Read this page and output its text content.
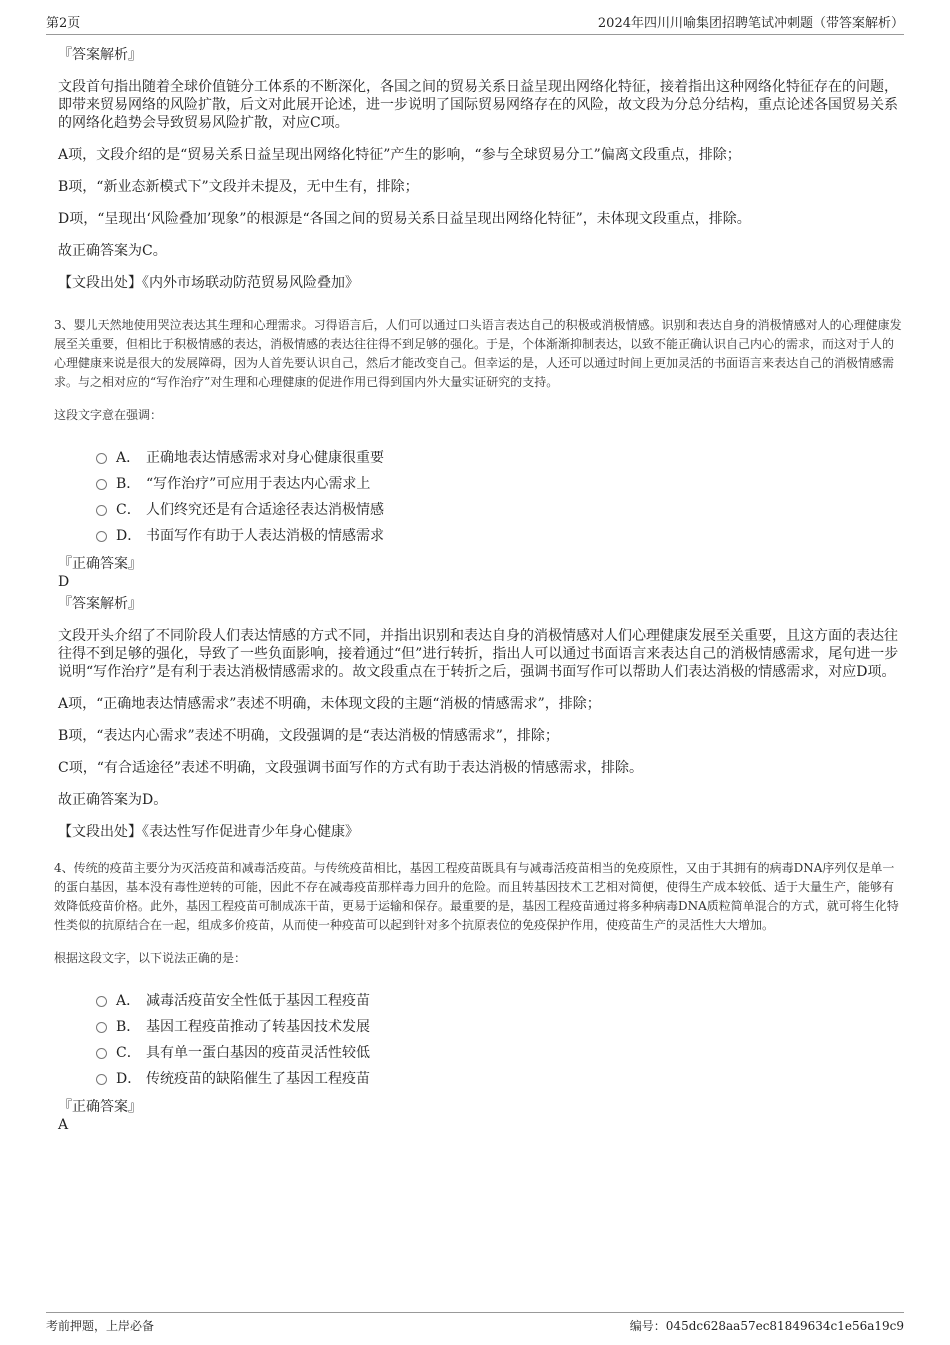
第2页	2024年四川川喻集团招聘笔试冲刺题（带答案解析）
『答案解析』
文段首句指出随着全球价值链分工体系的不断深化，各国之间的贸易关系日益呈现出网络化特征，接着指出这种网络化特征存在的问题，即带来贸易网络的风险扩散，后文对此展开论述，进一步说明了国际贸易网络存在的风险，故文段为分总分结构，重点论述各国贸易关系的网络化趋势会导致贸易风险扩散，对应C项。
A项，文段介绍的是“贸易关系日益呈现出网络化特征”产生的影响，“参与全球贸易分工”偏离文段重点，排除；
B项，“新业态新模式下”文段并未提及，无中生有，排除；
D项，“呈现出‘风险叠加’现象”的根源是“各国之间的贸易关系日益呈现出网络化特征”，未体现文段重点，排除。
故正确答案为C。
【文段出处】《内外市场联动防范贸易风险叠加》
3、婴儿天然地使用哭泣表达其生理和心理需求。习得语言后，人们可以通过口头语言表达自己的积极或消极情感。识别和表达自身的消极情感对人的心理健康发展至关重要，但相比于积极情感的表达，消极情感的表达往往得不到足够的强化。于是，个体渐渐抑制表达，以致不能正确认识自己内心的需求，而这对于人的心理健康来说是很大的发展障碍，因为人首先要认识自己，然后才能改变自己。但幸运的是，人还可以通过时间上更加灵活的书面语言来表达自己的消极情感需求。与之相对应的“写作治疗”对生理和心理健康的促进作用已得到国内外大量实证研究的支持。
这段文字意在强调：
A． 正确地表达情感需求对身心健康很重要
B． “写作治疗”可应用于表达内心需求上
C． 人们终究还是有合适途径表达消极情感
D． 书面写作有助于人表达消极的情感需求
『正确答案』
D
『答案解析』
文段开头介绍了不同阶段人们表达情感的方式不同，并指出识别和表达自身的消极情感对人们心理健康发展至关重要，且这方面的表达往往得不到足够的强化，导致了一些负面影响，接着通过“但”进行转折，指出人可以通过书面语言来表达自己的消极情感需求，尾句进一步说明“写作治疗”是有利于表达消极情感需求的。故文段重点在于转折之后，强调书面写作可以帮助人们表达消极的情感需求，对应D项。
A项，“正确地表达情感需求”表述不明确，未体现文段的主题“消极的情感需求”，排除；
B项，“表达内心需求”表述不明确，文段强调的是“表达消极的情感需求”，排除；
C项，“有合适途径”表述不明确，文段强调书面写作的方式有助于表达消极的情感需求，排除。
故正确答案为D。
【文段出处】《表达性写作促进青少年身心健康》
4、传统的疫苗主要分为灭活疫苗和减毒活疫苗。与传统疫苗相比，基因工程疫苗既具有与减毒活疫苗相当的免疫原性，又由于其拥有的病毒DNA序列仅是单一的蛋白基因，基本没有毒性逆转的可能，因此不存在减毒疫苗那样毒力回升的危险。而且转基因技术工艺相对简便，使得生产成本较低、适于大量生产，能够有效降低疫苗价格。此外，基因工程疫苗可制成冻干苗，更易于运输和保存。最重要的是，基因工程疫苗通过将多种病毒DNA质粒简单混合的方式，就可将生化特性类似的抗原结合在一起，组成多价疫苗，从而使一种疫苗可以起到针对多个抗原表位的免疫保护作用，使疫苗生产的灵活性大大增加。
根据这段文字，以下说法正确的是：
A． 减毒活疫苗安全性低于基因工程疫苗
B． 基因工程疫苗推动了转基因技术发展
C． 具有单一蛋白基因的疫苗灵活性较低
D． 传统疫苗的缺陷催生了基因工程疫苗
『正确答案』
A
考前押题，上岸必备	编号：045dc628aa57ec81849634c1e56a19c9
